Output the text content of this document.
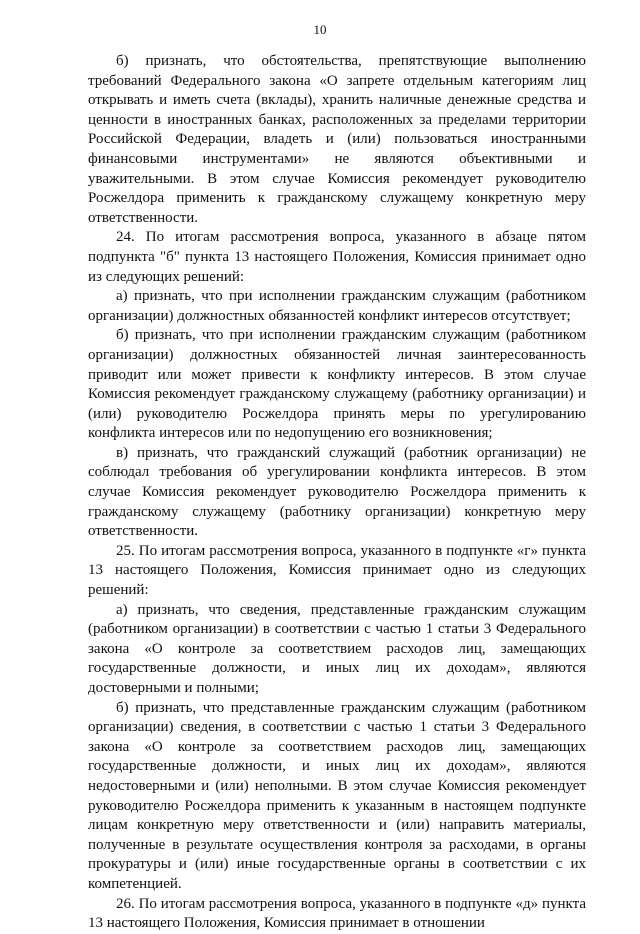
10

б) признать, что обстоятельства, препятствующие выполнению требований Федерального закона «О запрете отдельным категориям лиц открывать и иметь счета (вклады), хранить наличные денежные средства и ценности в иностранных банках, расположенных за пределами территории Российской Федерации, владеть и (или) пользоваться иностранными финансовыми инструментами» не являются объективными и уважительными. В этом случае Комиссия рекомендует руководителю Росжелдора применить к гражданскому служащему конкретную меру ответственности.

24. По итогам рассмотрения вопроса, указанного в абзаце пятом подпункта "б" пункта 13 настоящего Положения, Комиссия принимает одно из следующих решений:

а) признать, что при исполнении гражданским служащим (работником организации) должностных обязанностей конфликт интересов отсутствует;

б) признать, что при исполнении гражданским служащим (работником организации) должностных обязанностей личная заинтересованность приводит или может привести к конфликту интересов. В этом случае Комиссия рекомендует гражданскому служащему (работнику организации) и (или) руководителю Росжелдора принять меры по урегулированию конфликта интересов или по недопущению его возникновения;

в) признать, что гражданский служащий (работник организации) не соблюдал требования об урегулировании конфликта интересов. В этом случае Комиссия рекомендует руководителю Росжелдора применить к гражданскому служащему (работнику организации) конкретную меру ответственности.

25. По итогам рассмотрения вопроса, указанного в подпункте «г» пункта 13 настоящего Положения, Комиссия принимает одно из следующих решений:

а) признать, что сведения, представленные гражданским служащим (работником организации) в соответствии с частью 1 статьи 3 Федерального закона «О контроле за соответствием расходов лиц, замещающих государственные должности, и иных лиц их доходам», являются достоверными и полными;

б) признать, что представленные гражданским служащим (работником организации) сведения, в соответствии с частью 1 статьи 3 Федерального закона «О контроле за соответствием расходов лиц, замещающих государственные должности, и иных лиц их доходам», являются недостоверными и (или) неполными. В этом случае Комиссия рекомендует руководителю Росжелдора применить к указанным в настоящем подпункте лицам конкретную меру ответственности и (или) направить материалы, полученные в результате осуществления контроля за расходами, в органы прокуратуры и (или) иные государственные органы в соответствии с их компетенцией.

26. По итогам рассмотрения вопроса, указанного в подпункте «д» пункта 13 настоящего Положения, Комиссия принимает в отношении
